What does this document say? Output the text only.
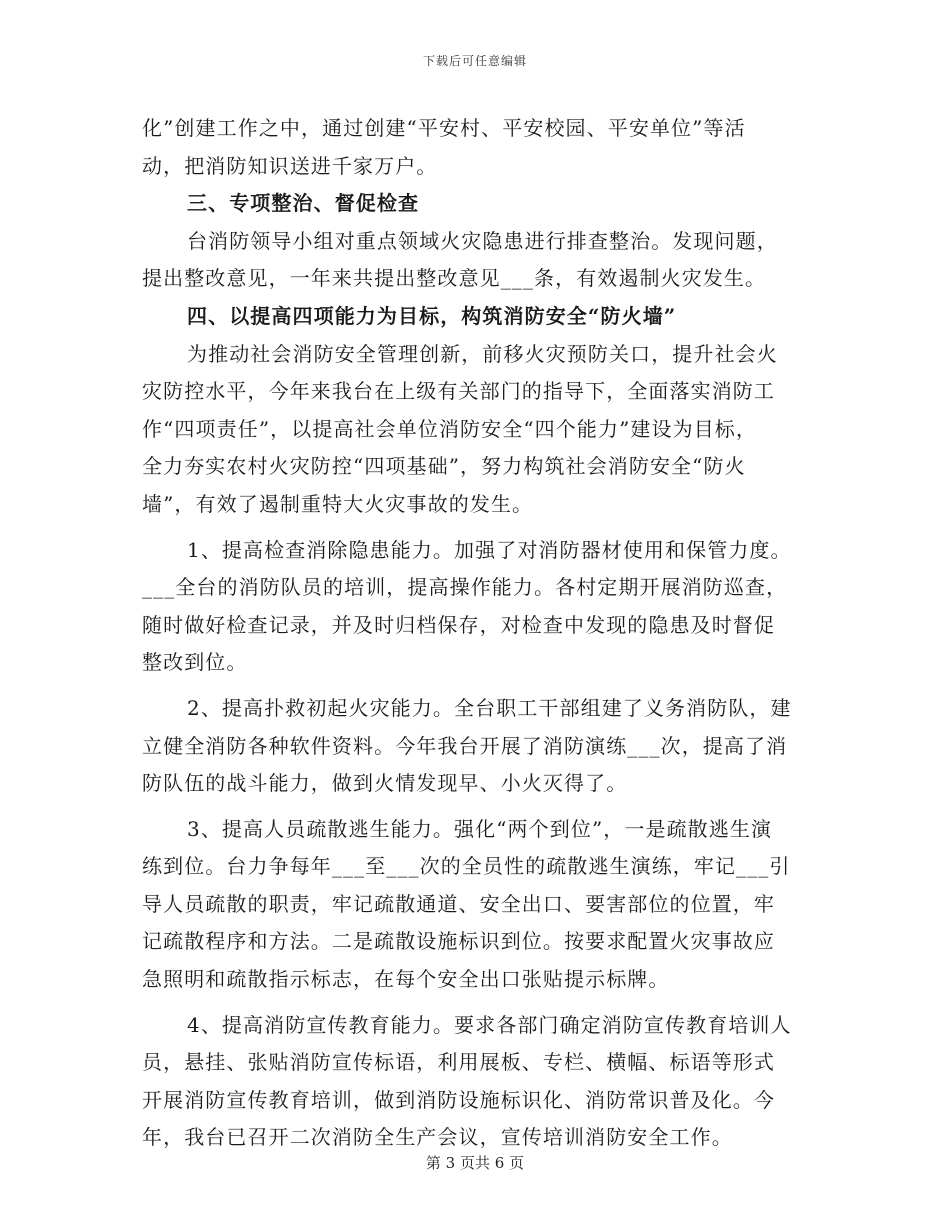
下载后可任意编辑
化”创建工作之中，通过创建“平安村、平安校园、平安单位”等活
动，把消防知识送进千家万户。
三、专项整治、督促检查
台消防领导小组对重点领域火灾隐患进行排查整治。发现问题，
提出整改意见，一年来共提出整改意见___条，有效遏制火灾发生。
四、以提高四项能力为目标，构筑消防安全“防火墙”
为推动社会消防安全管理创新，前移火灾预防关口，提升社会火
灾防控水平，今年来我台在上级有关部门的指导下，全面落实消防工
作“四项责任”，以提高社会单位消防安全“四个能力”建设为目标，
全力夯实农村火灾防控“四项基础”，努力构筑社会消防安全“防火
墙”，有效了遏制重特大火灾事故的发生。
1、提高检查消除隐患能力。加强了对消防器材使用和保管力度。
___全台的消防队员的培训，提高操作能力。各村定期开展消防巡查，
随时做好检查记录，并及时归档保存，对检查中发现的隐患及时督促
整改到位。
2、提高扑救初起火灾能力。全台职工干部组建了义务消防队，建
立健全消防各种软件资料。今年我台开展了消防演练___次，提高了消
防队伍的战斗能力，做到火情发现早、小火灭得了。
3、提高人员疏散逃生能力。强化“两个到位”，一是疏散逃生演
练到位。台力争每年___至___次的全员性的疏散逃生演练，牢记___引
导人员疏散的职责，牢记疏散通道、安全出口、要害部位的位置，牢
记疏散程序和方法。二是疏散设施标识到位。按要求配置火灾事故应
急照明和疏散指示标志，在每个安全出口张贴提示标牌。
4、提高消防宣传教育能力。要求各部门确定消防宣传教育培训人
员，悬挂、张贴消防宣传标语，利用展板、专栏、横幅、标语等形式
开展消防宣传教育培训，做到消防设施标识化、消防常识普及化。今
年，我台已召开二次消防全生产会议，宣传培训消防安全工作。
第 3 页共 6 页
